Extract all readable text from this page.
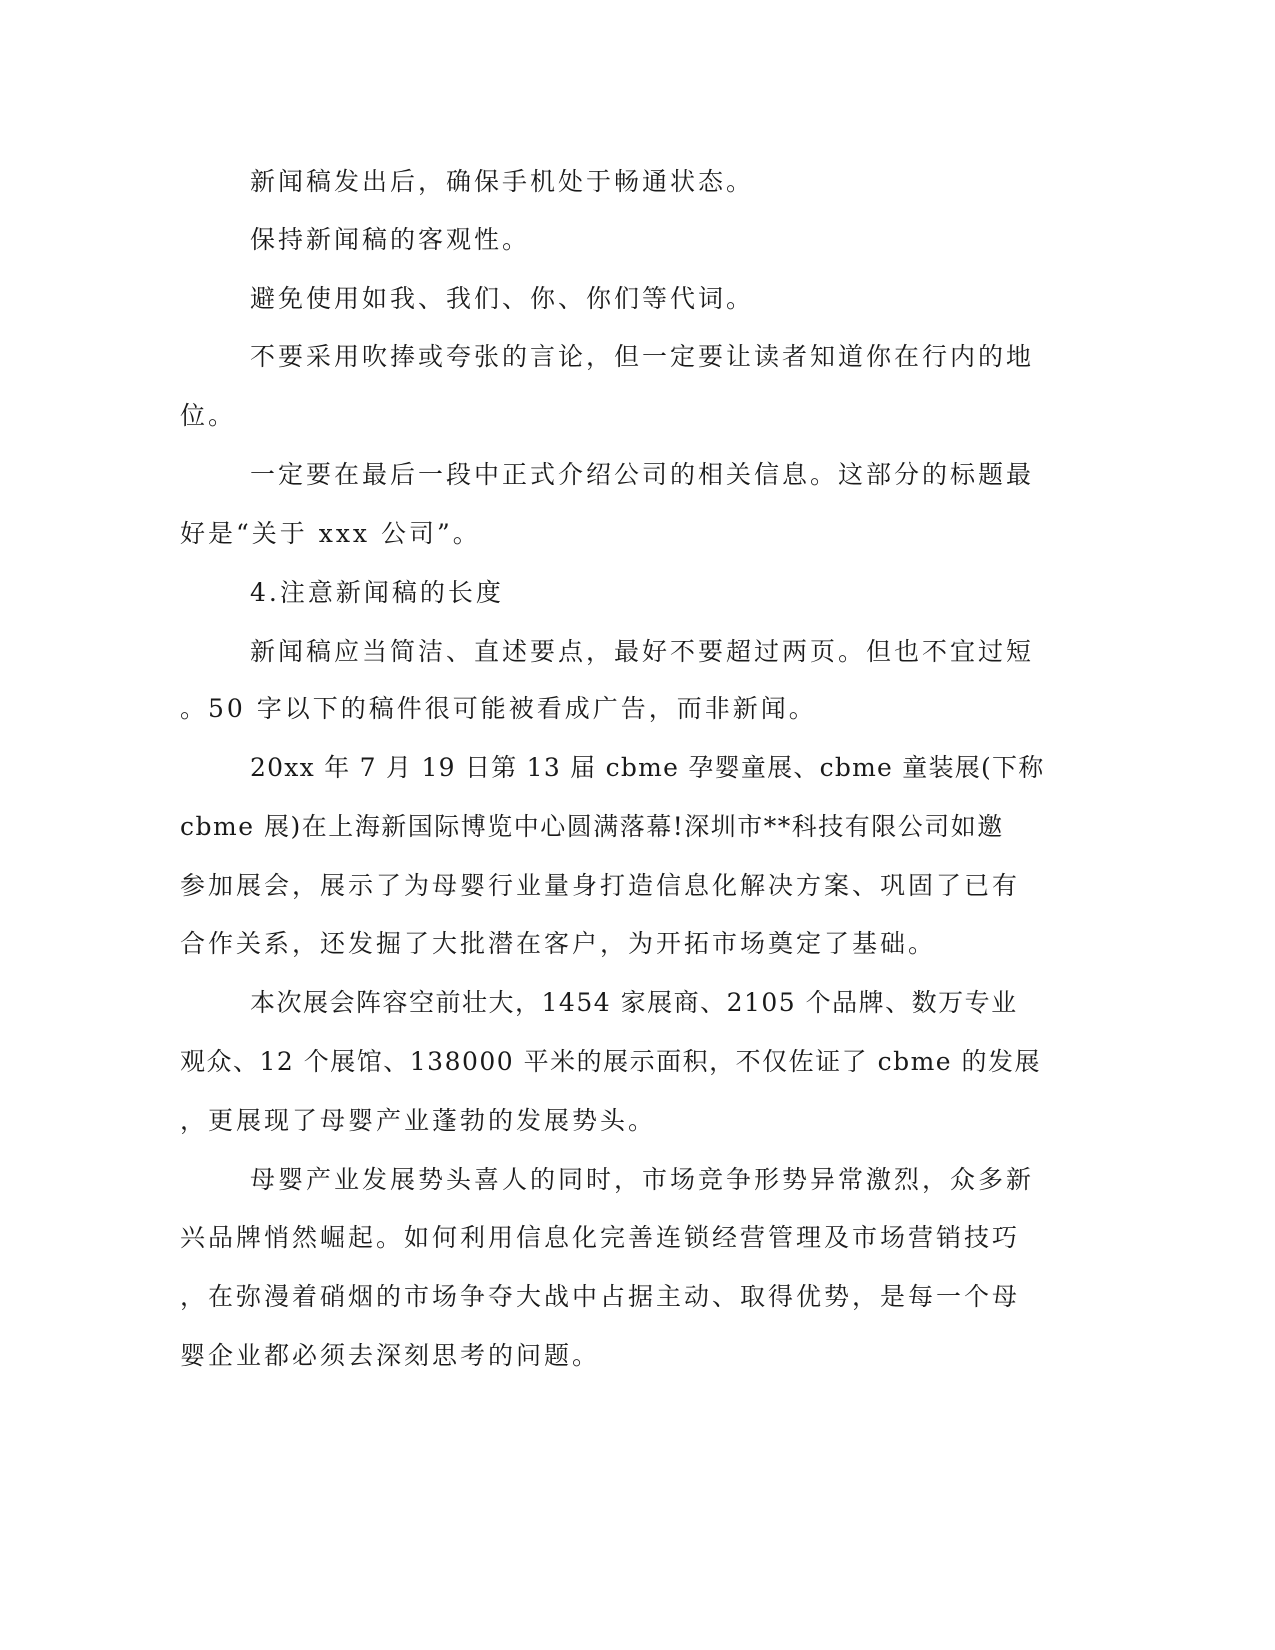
新闻稿发出后，确保手机处于畅通状态。
保持新闻稿的客观性。
避免使用如我、我们、你、你们等代词。
不要采用吹捧或夸张的言论，但一定要让读者知道你在行内的地
位。
一定要在最后一段中正式介绍公司的相关信息。这部分的标题最
好是“关于 xxx 公司”。
4.注意新闻稿的长度
新闻稿应当简洁、直述要点，最好不要超过两页。但也不宜过短
。50 字以下的稿件很可能被看成广告，而非新闻。
20xx 年 7 月 19 日第 13 届 cbme 孕婴童展、cbme 童装展(下称
cbme 展)在上海新国际博览中心圆满落幕!深圳市**科技有限公司如邀
参加展会，展示了为母婴行业量身打造信息化解决方案、巩固了已有
合作关系，还发掘了大批潜在客户，为开拓市场奠定了基础。
本次展会阵容空前壮大，1454 家展商、2105 个品牌、数万专业
观众、12 个展馆、138000 平米的展示面积，不仅佐证了 cbme 的发展
，更展现了母婴产业蓬勃的发展势头。
母婴产业发展势头喜人的同时，市场竞争形势异常激烈，众多新
兴品牌悄然崛起。如何利用信息化完善连锁经营管理及市场营销技巧
，在弥漫着硝烟的市场争夺大战中占据主动、取得优势，是每一个母
婴企业都必须去深刻思考的问题。
